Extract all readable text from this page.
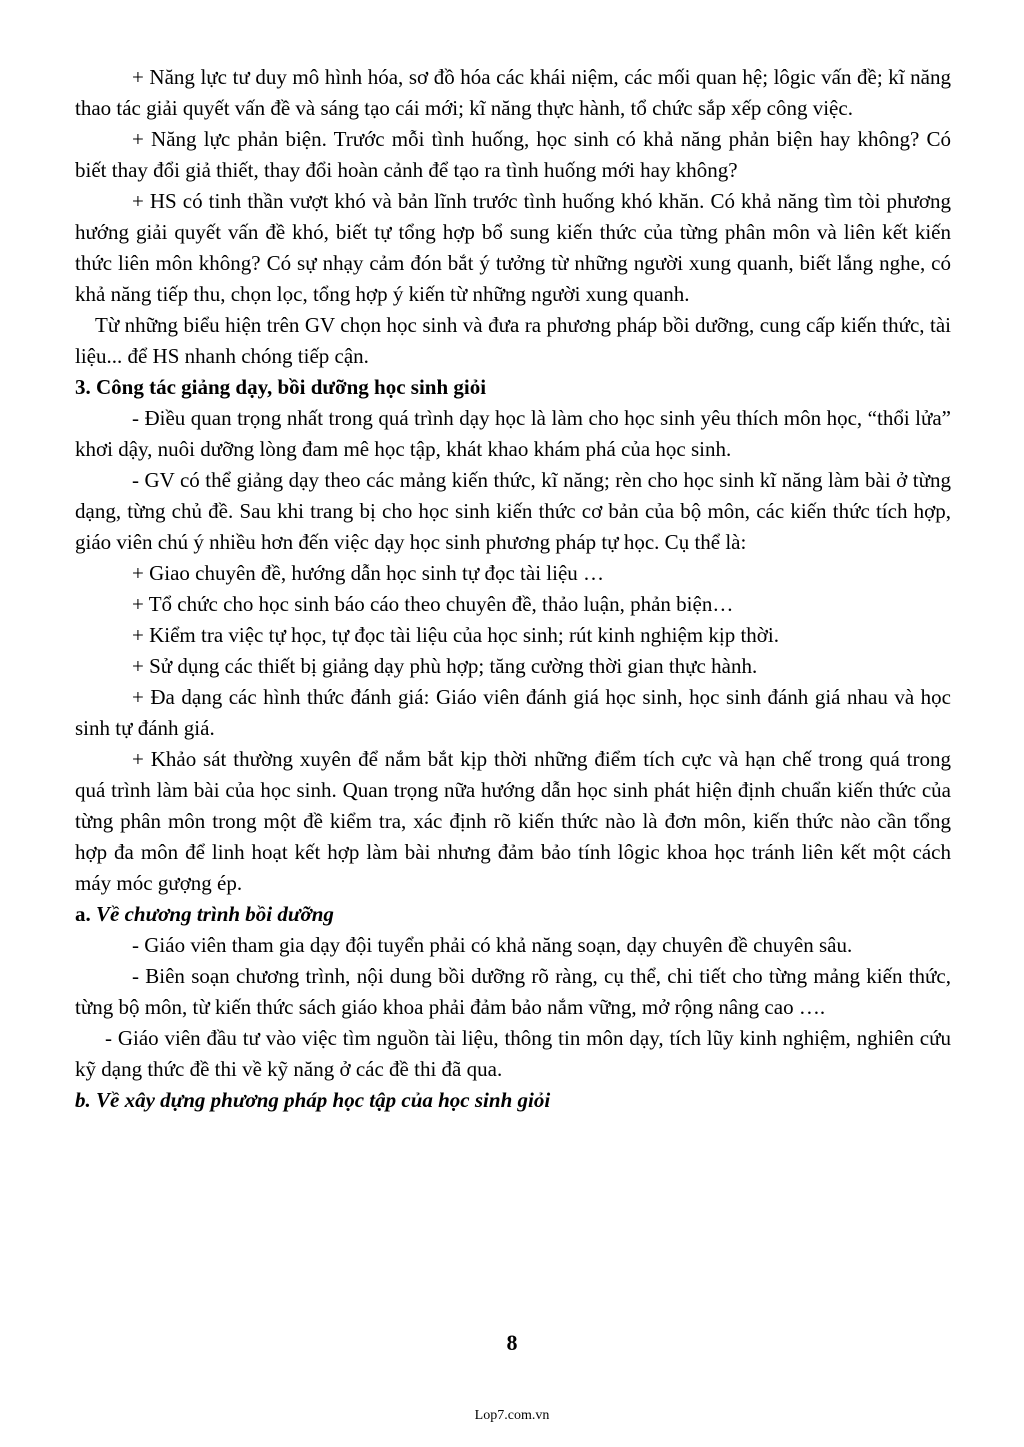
+ Năng lực tư duy mô hình hóa, sơ đồ hóa các khái niệm, các mối quan hệ; lôgic vấn đề; kĩ năng thao tác giải quyết vấn đề và sáng tạo cái mới; kĩ năng thực hành, tổ chức sắp xếp công việc.

+ Năng lực phản biện. Trước mỗi tình huống, học sinh có khả năng phản biện hay không? Có biết thay đổi giả thiết, thay đổi hoàn cảnh để tạo ra tình huống mới hay không?

+ HS có tinh thần vượt khó và bản lĩnh trước tình huống khó khăn. Có khả năng tìm tòi phương hướng giải quyết vấn đề khó, biết tự tổng hợp bổ sung kiến thức của từng phân môn và liên kết kiến thức liên môn không? Có sự nhạy cảm đón bắt ý tưởng từ những người xung quanh, biết lắng nghe, có khả năng tiếp thu, chọn lọc, tổng hợp ý kiến từ những người xung quanh.

Từ những biểu hiện trên GV chọn học sinh và đưa ra phương pháp bồi dưỡng, cung cấp kiến thức, tài liệu... để HS nhanh chóng tiếp cận.

3. Công tác giảng dạy, bồi dưỡng học sinh giỏi

- Điều quan trọng nhất trong quá trình dạy học là làm cho học sinh yêu thích môn học, “thổi lửa” khơi dậy, nuôi dưỡng lòng đam mê học tập, khát khao khám phá của học sinh.

- GV có thể giảng dạy theo các mảng kiến thức, kĩ năng; rèn cho học sinh kĩ năng làm bài ở từng dạng, từng chủ đề. Sau khi trang bị cho học sinh kiến thức cơ bản của bộ môn, các kiến thức tích hợp, giáo viên chú ý nhiều hơn đến việc dạy học sinh phương pháp tự học. Cụ thể là:

+ Giao chuyên đề, hướng dẫn học sinh tự đọc tài liệu …

+ Tổ chức cho học sinh báo cáo theo chuyên đề, thảo luận, phản biện…

+ Kiểm tra việc tự học, tự đọc tài liệu của học sinh; rút kinh nghiệm kịp thời.

+ Sử dụng các thiết bị giảng dạy phù hợp; tăng cường thời gian thực hành.

+ Đa dạng các hình thức đánh giá: Giáo viên đánh giá học sinh, học sinh đánh giá nhau và học sinh tự đánh giá.

+ Khảo sát thường xuyên để nắm bắt kịp thời những điểm tích cực và hạn chế trong quá trong quá trình làm bài của học sinh. Quan trọng nữa hướng dẫn học sinh phát hiện định chuẩn kiến thức của từng phân môn trong một đề kiểm tra, xác định rõ kiến thức nào là đơn môn, kiến thức nào cần tổng hợp đa môn để linh hoạt kết hợp làm bài nhưng đảm bảo tính lôgic khoa học tránh liên kết một cách máy móc gượng ép.

a. Về chương trình bồi dưỡng

- Giáo viên tham gia dạy đội tuyển phải có khả năng soạn, dạy chuyên đề chuyên sâu.

- Biên soạn chương trình, nội dung bồi dưỡng rõ ràng, cụ thể, chi tiết cho từng mảng kiến thức, từng bộ môn, từ kiến thức sách giáo khoa phải đảm bảo nắm vững, mở rộng nâng cao ….

- Giáo viên đầu tư vào việc tìm nguồn tài liệu, thông tin môn dạy, tích lũy kinh nghiệm, nghiên cứu kỹ dạng thức đề thi về kỹ năng ở các đề thi đã qua.

b. Về xây dựng phương pháp học tập của học sinh giỏi

8
Lop7.com.vn
